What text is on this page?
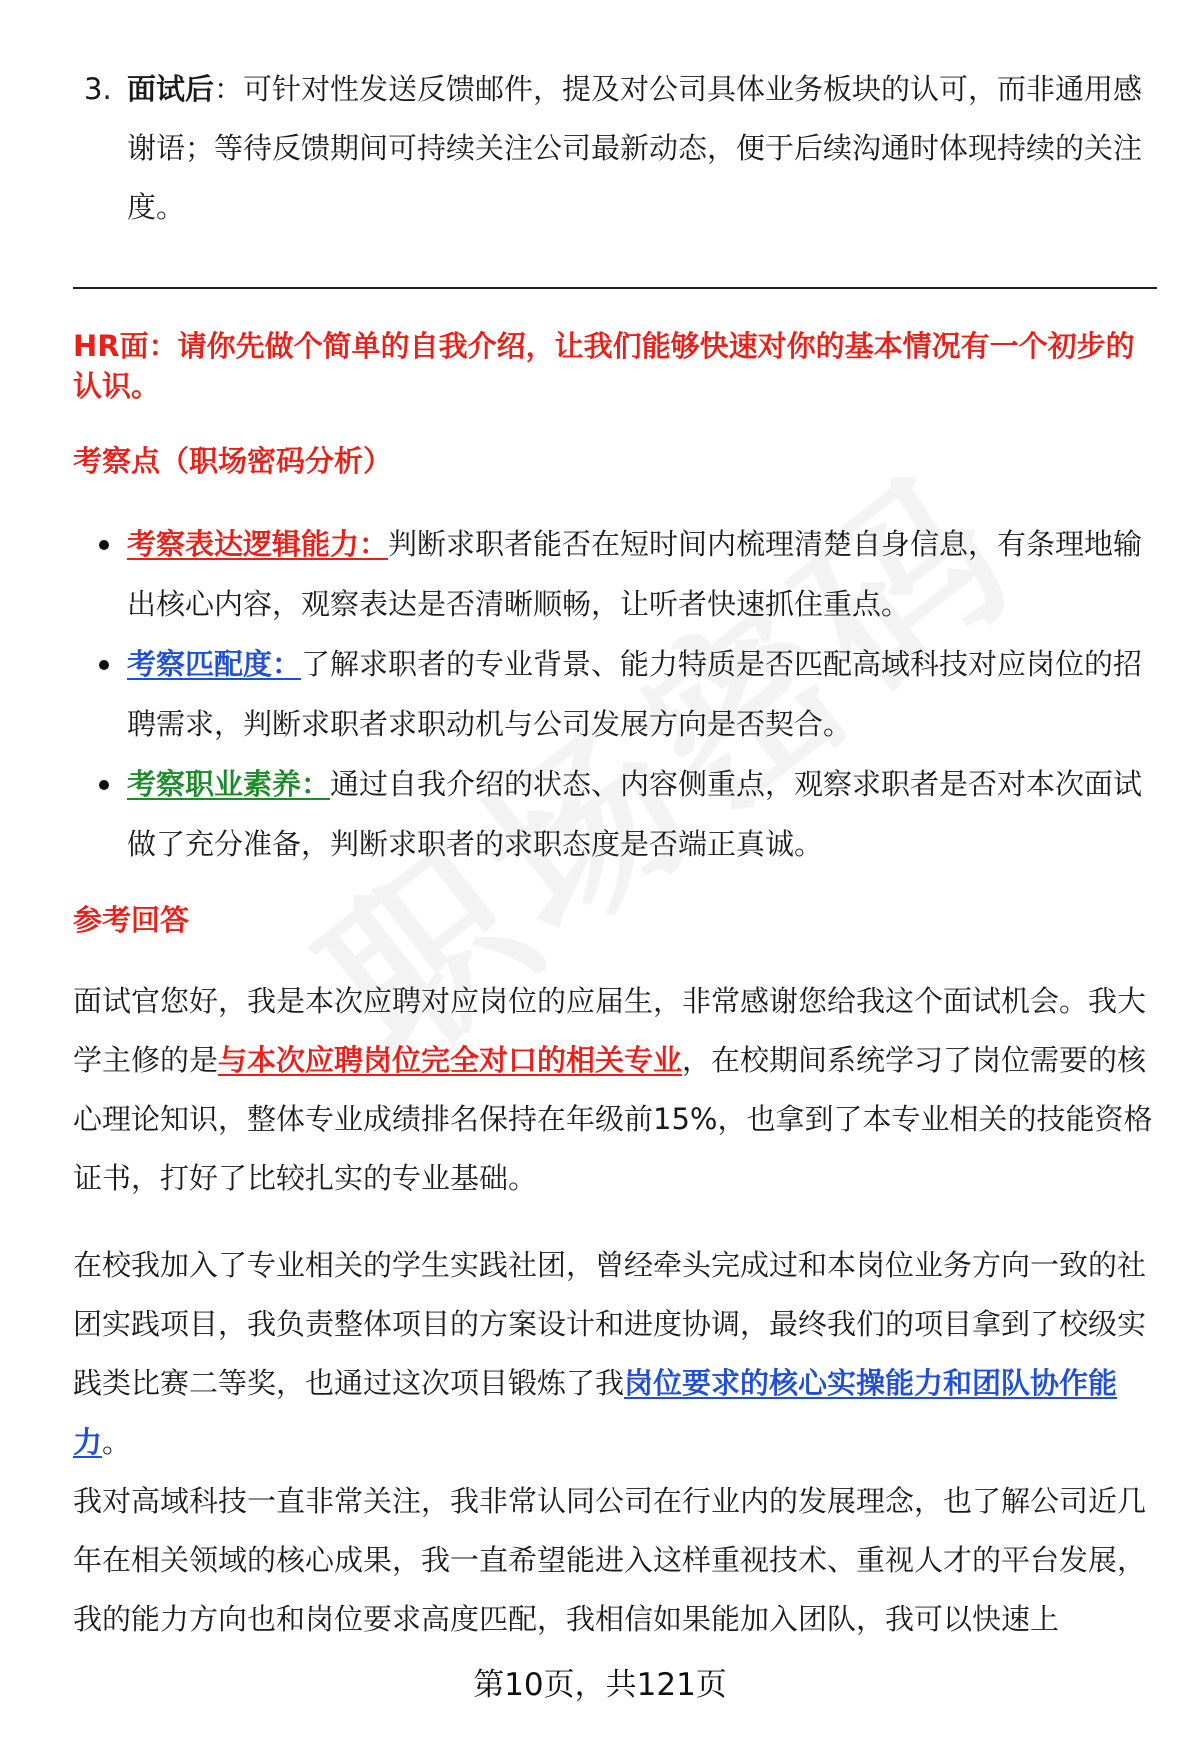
3. 面试后：可针对性发送反馈邮件，提及对公司具体业务板块的认可，而非通用感谢语；等待反馈期间可持续关注公司最新动态，便于后续沟通时体现持续的关注度。
HR面：请你先做个简单的自我介绍，让我们能够快速对你的基本情况有一个初步的认识。
考察点（职场密码分析）

考察表达逻辑能力：判断求职者能否在短时间内梳理清楚自身信息，有条理地输出核心内容，观察表达是否清晰顺畅，让听者快速抓住重点。

考察匹配度：了解求职者的专业背景、能力特质是否匹配高域科技对应岗位的招聘需求，判断求职者求职动机与公司发展方向是否契合。

考察职业素养：通过自我介绍的状态、内容侧重点，观察求职者是否对本次面试做了充分准备，判断求职者的求职态度是否端正真诚。

参考回答

面试官您好，我是本次应聘对应岗位的应届生，非常感谢您给我这个面试机会。我大学主修的是与本次应聘岗位完全对口的相关专业，在校期间系统学习了岗位需要的核心理论知识，整体专业成绩排名保持在年级前15%，也拿到了本专业相关的技能资格证书，打好了比较扎实的专业基础。

在校我加入了专业相关的学生实践社团，曾经牵头完成过和本岗位业务方向一致的社团实践项目，我负责整体项目的方案设计和进度协调，最终我们的项目拿到了校级实践类比赛二等奖，也通过这次项目锻炼了我岗位要求的核心实操能力和团队协作能力。

我对高域科技一直非常关注，我非常认同公司在行业内的发展理念，也了解公司近几年在相关领域的核心成果，我一直希望能进入这样重视技术、重视人才的平台发展，我的能力方向也和岗位要求高度匹配，我相信如果能加入团队，我可以快速上

第10页，共121页
